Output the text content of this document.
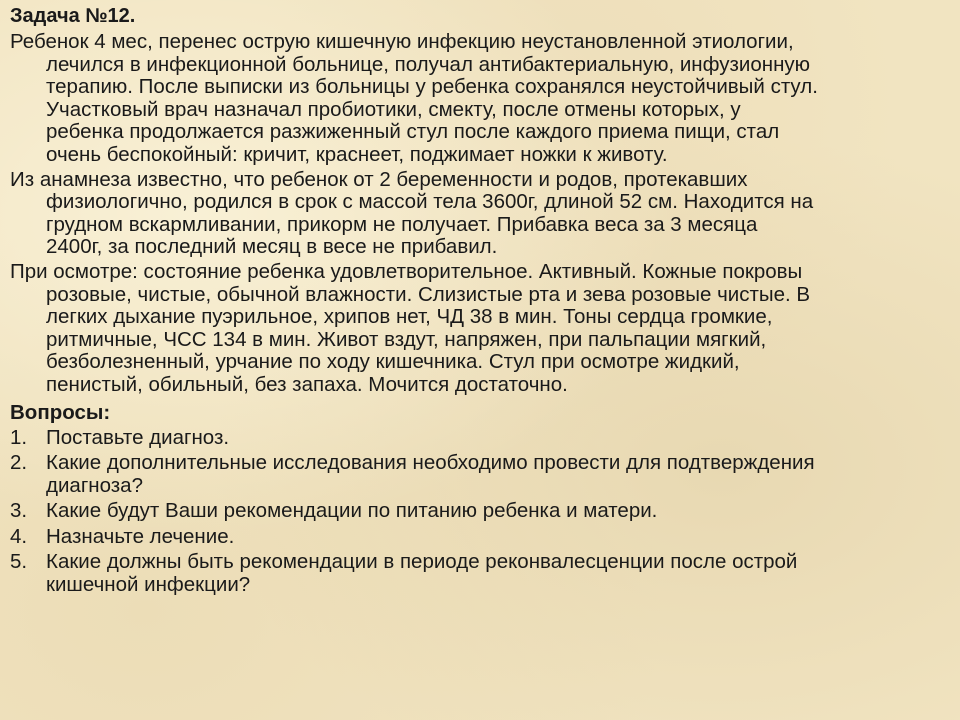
Задача №12.

Ребенок 4 мес, перенес острую кишечную инфекцию неустановленной этиологии,
лечился в инфекционной больнице, получал антибактериальную, инфузионную
терапию. После выписки из больницы у ребенка сохранялся неустойчивый стул.
Участковый врач назначал пробиотики, смекту, после отмены которых, у
ребенка продолжается разжиженный стул после каждого приема пищи, стал
очень беспокойный: кричит, краснеет, поджимает ножки к животу.

Из анамнеза известно, что ребенок от 2 беременности и родов, протекавших
физиологично, родился в срок с массой тела 3600г, длиной 52 см. Находится на
грудном вскармливании, прикорм не получает. Прибавка веса за 3 месяца
2400г, за последний месяц в весе не прибавил.

При осмотре: состояние ребенка удовлетворительное. Активный. Кожные покровы
розовые, чистые, обычной влажности. Слизистые рта и зева розовые чистые. В
легких дыхание пуэрильное, хрипов нет, ЧД 38 в мин. Тоны сердца громкие,
ритмичные, ЧСС 134 в мин. Живот вздут, напряжен, при пальпации мягкий,
безболезненный, урчание по ходу кишечника. Стул при осмотре жидкий,
пенистый, обильный, без запаха. Мочится достаточно.

Вопросы:
1. Поставьте диагноз.
2. Какие дополнительные исследования необходимо провести для подтверждения
диагноза?
3. Какие будут Ваши рекомендации по питанию ребенка и матери.
4. Назначьте лечение.
5. Какие должны быть рекомендации в периоде реконвалесценции после острой
кишечной инфекции?
